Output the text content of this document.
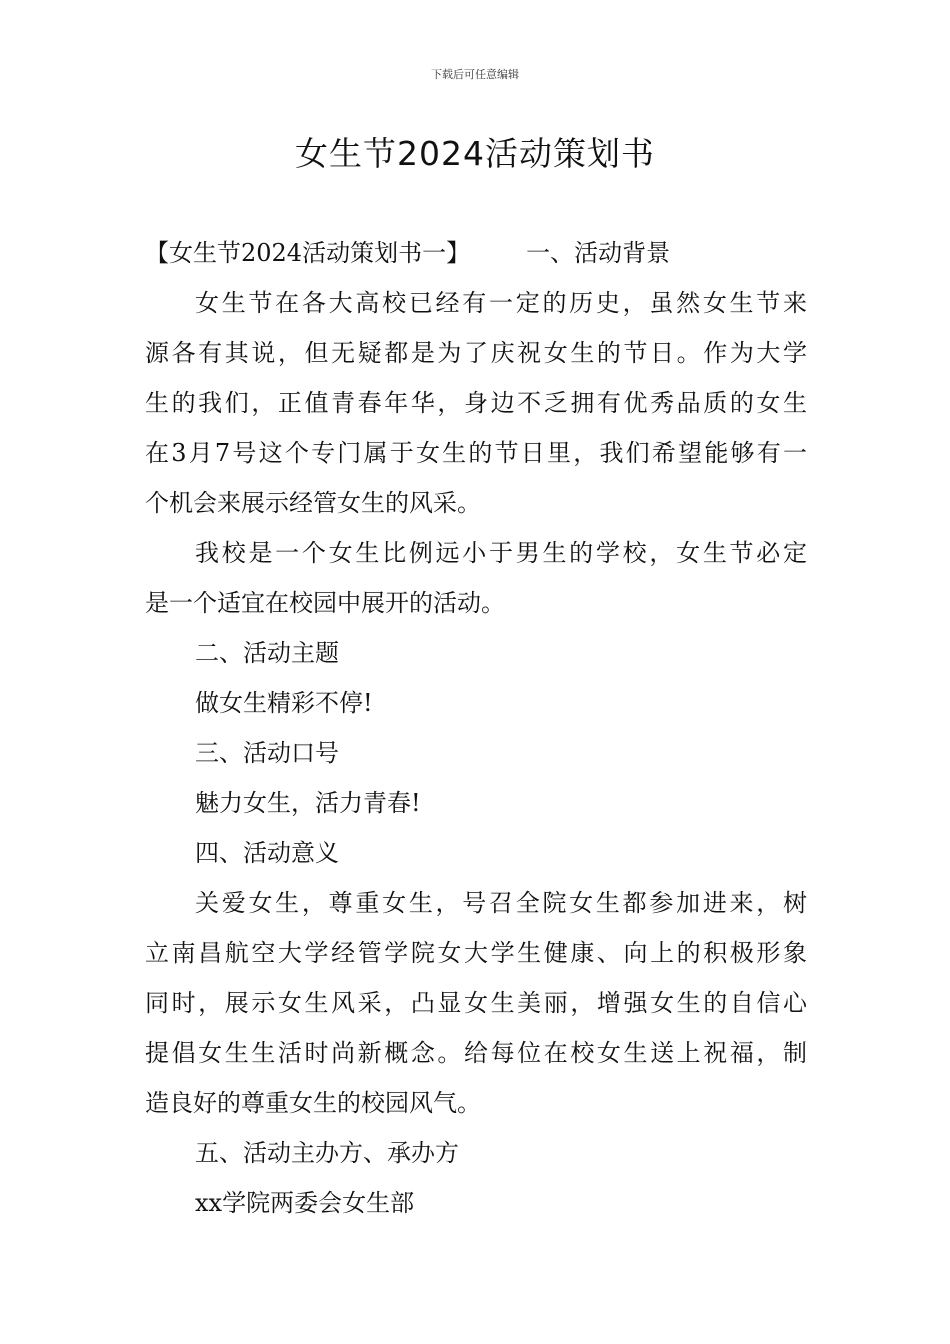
下载后可任意编辑
女生节2024活动策划书
【女生节2024活动策划书一】 一、活动背景
女生节在各大高校已经有一定的历史，虽然女生节来
源各有其说，但无疑都是为了庆祝女生的节日。作为大学
生的我们，正值青春年华，身边不乏拥有优秀品质的女生
在3月7号这个专门属于女生的节日里，我们希望能够有一
个机会来展示经管女生的风采。
我校是一个女生比例远小于男生的学校，女生节必定
是一个适宜在校园中展开的活动。
二、活动主题
做女生精彩不停!
三、活动口号
魅力女生，活力青春!
四、活动意义
关爱女生，尊重女生，号召全院女生都参加进来，树
立南昌航空大学经管学院女大学生健康、向上的积极形象
同时，展示女生风采，凸显女生美丽，增强女生的自信心
提倡女生生活时尚新概念。给每位在校女生送上祝福，制
造良好的尊重女生的校园风气。
五、活动主办方、承办方
xx学院两委会女生部
